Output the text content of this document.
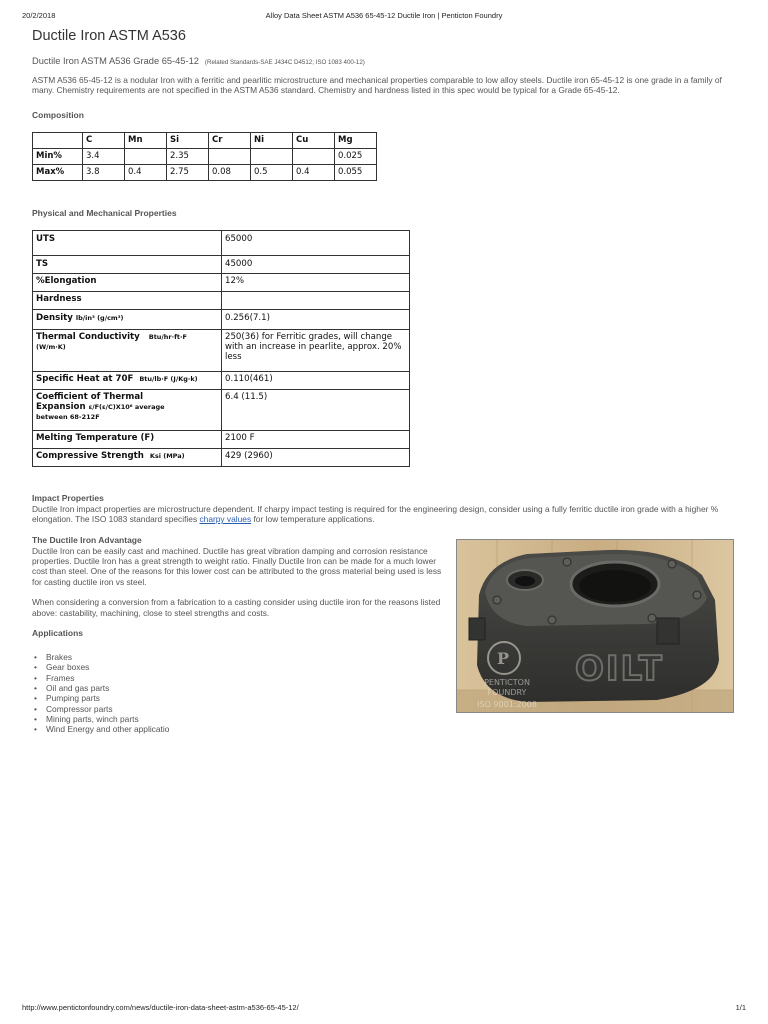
20/2/2018	Alloy Data Sheet ASTM A536 65-45-12 Ductile Iron | Penticton Foundry
Ductile Iron ASTM A536
Ductile Iron ASTM A536 Grade 65-45-12 (Related Standards-SAE J434C D4512; ISO 1083 400-12)

ASTM A536 65-45-12 is a nodular Iron with a ferritic and pearlitic microstructure and mechanical properties comparable to low alloy steels. Ductile iron 65-45-12 is one grade in a family of many. Chemistry requirements are not specified in the ASTM A536 standard. Chemistry and hardness listed in this spec would be typical for a Grade 65-45-12.

Composition
	C	Mn	Si	Cr	Ni	Cu	Mg
Min%	3.4		2.35				0.025
Max%	3.8	0.4	2.75	0.08	0.5	0.4	0.055
Physical and Mechanical Properties
UTS	65000
TS	45000
%Elongation	12%
Hardness	
Density lb/in³ (g/cm³)	0.256(7.1)
Thermal Conductivity Btu/hr·ft·F
(W/m·K)	250(36) for Ferritic grades, will change with an increase in pearlite, approx. 20% less
Specific Heat at 70F Btu/lb·F (J/Kg·k)	0.110(461)
Coefficient of Thermal
Expansion ε/F(ε/C)X10⁶ average
between 68-212F	6.4 (11.5)
Melting Temperature (F)	2100 F
Compressive Strength Ksi (MPa)	429 (2960)
Impact Properties

Ductile Iron impact properties are microstructure dependent. If charpy impact testing is required for the engineering design, consider using a fully ferritic ductile iron grade with a higher % elongation. The ISO 1083 standard specifies charpy values for low temperature applications.

The Ductile Iron Advantage

Ductile Iron can be easily cast and machined. Ductile has great vibration damping and corrosion resistance properties. Ductile Iron has a great strength to weight ratio. Finally Ductile Iron can be made for a much lower cost than steel. One of the reasons for this lower cost can be attributed to the gross material being used is less for casting ductile iron vs steel.

When considering a conversion from a fabrication to a casting consider using ductile iron for the reasons listed above: castability, machining, close to steel strengths and costs.

Applications
• Brakes
• Gear boxes
• Frames
• Oil and gas parts
• Pumping parts
• Compressor parts
• Mining parts, winch parts
• Wind Energy and other applicatio
OILT
P
PENTICTON
FOUNDRY
ISO 9001:2008
http://www.pentictonfoundry.com/news/ductile-iron-data-sheet-astm-a536-65-45-12/	1/1
